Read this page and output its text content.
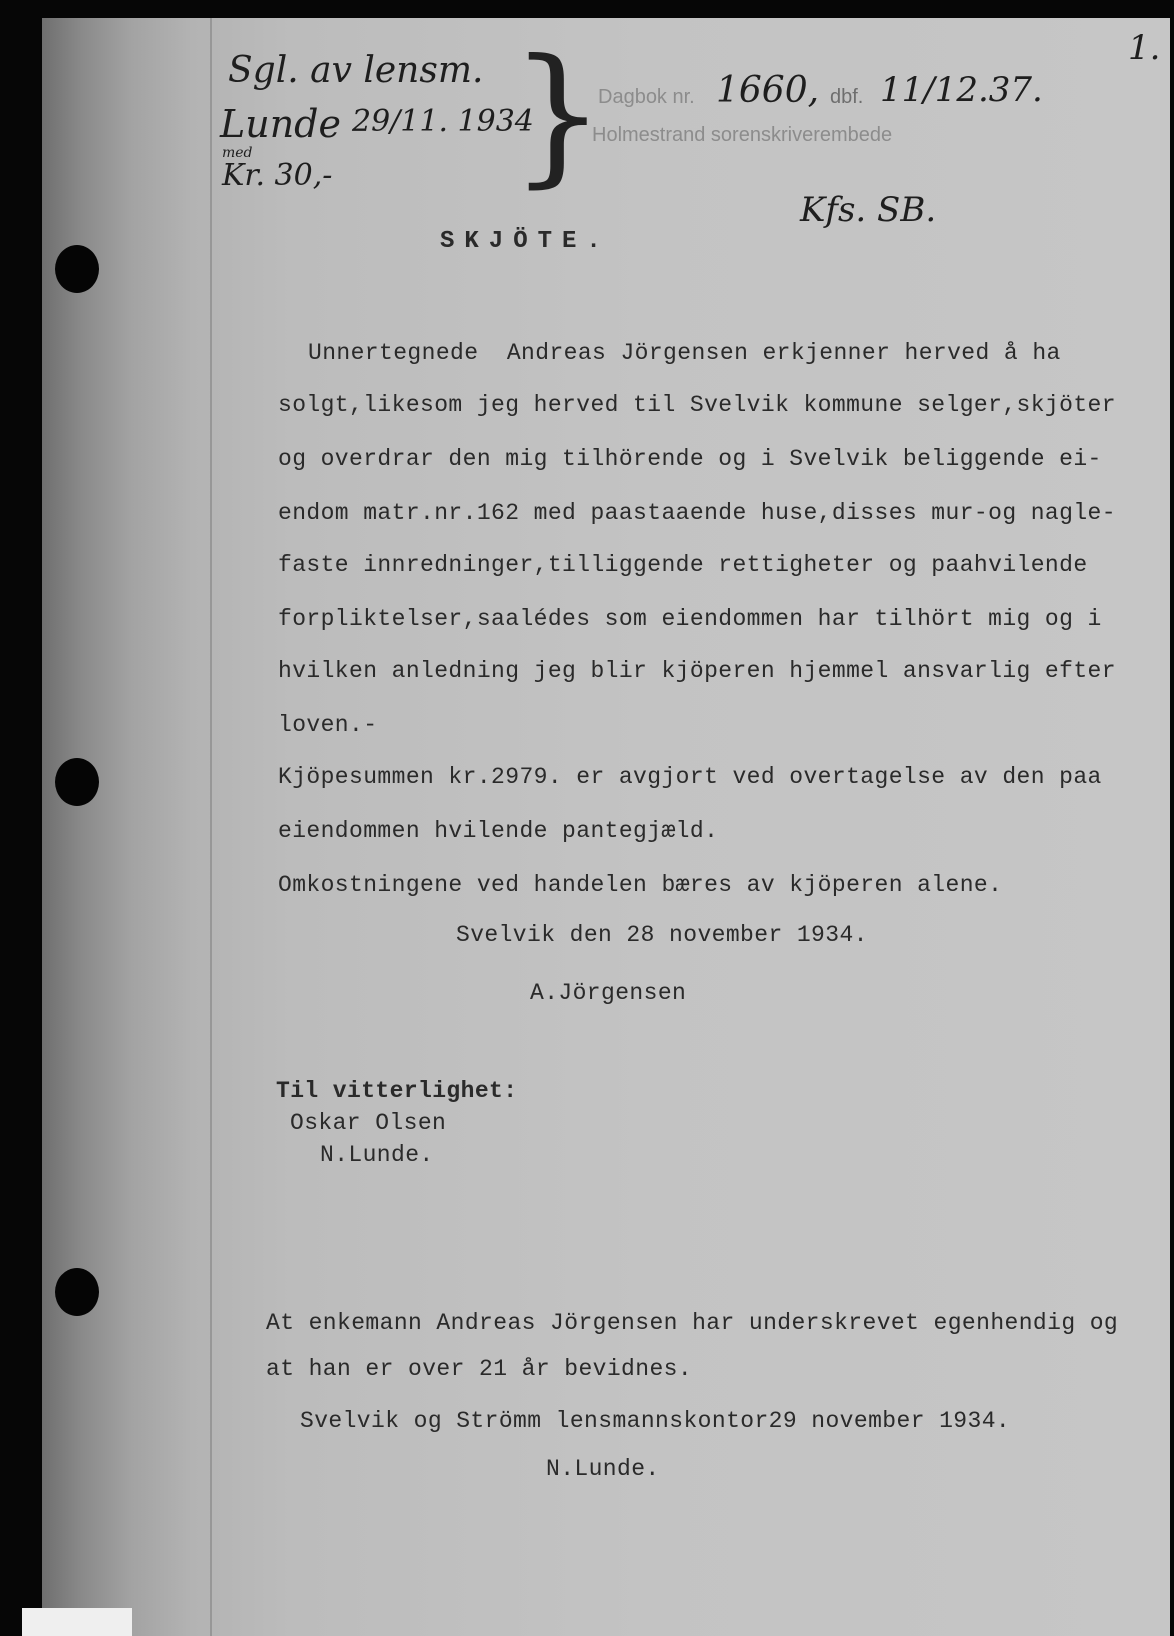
1.
Sgl. av lensm.
Lunde 29/11. 1934
med
Kr. 30,- }
Dagbok nr. 1660, dbf. 11/12.37.
Holmestrand sorenskriverembede
Kfs. SB.
SKJÖTE.
Unnertegnede  Andreas Jörgensen erkjenner herved å ha
solgt,likesom jeg herved til Svelvik kommune selger,skjöter
og overdrar den mig tilhörende og i Svelvik beliggende ei-
endom matr.nr.162 med paastaaende huse,disses mur-og nagle-
faste innredninger,tilliggende rettigheter og paahvilende
forpliktelser,saalédes som eiendommen har tilhört mig og i
hvilken anledning jeg blir kjöperen hjemmel ansvarlig efter
loven.-
Kjöpesummen kr.2979. er avgjort ved overtagelse av den paa
eiendommen hvilende pantegjæld.
Omkostningene ved handelen bæres av kjöperen alene.
Svelvik den 28 november 1934.
A.Jörgensen
Til vitterlighet:
Oskar Olsen
N.Lunde.
At enkemann Andreas Jörgensen har underskrevet egenhendig og
at han er over 21 år bevidnes.
Svelvik og Strömm lensmannskontor29 november 1934.
N.Lunde.
